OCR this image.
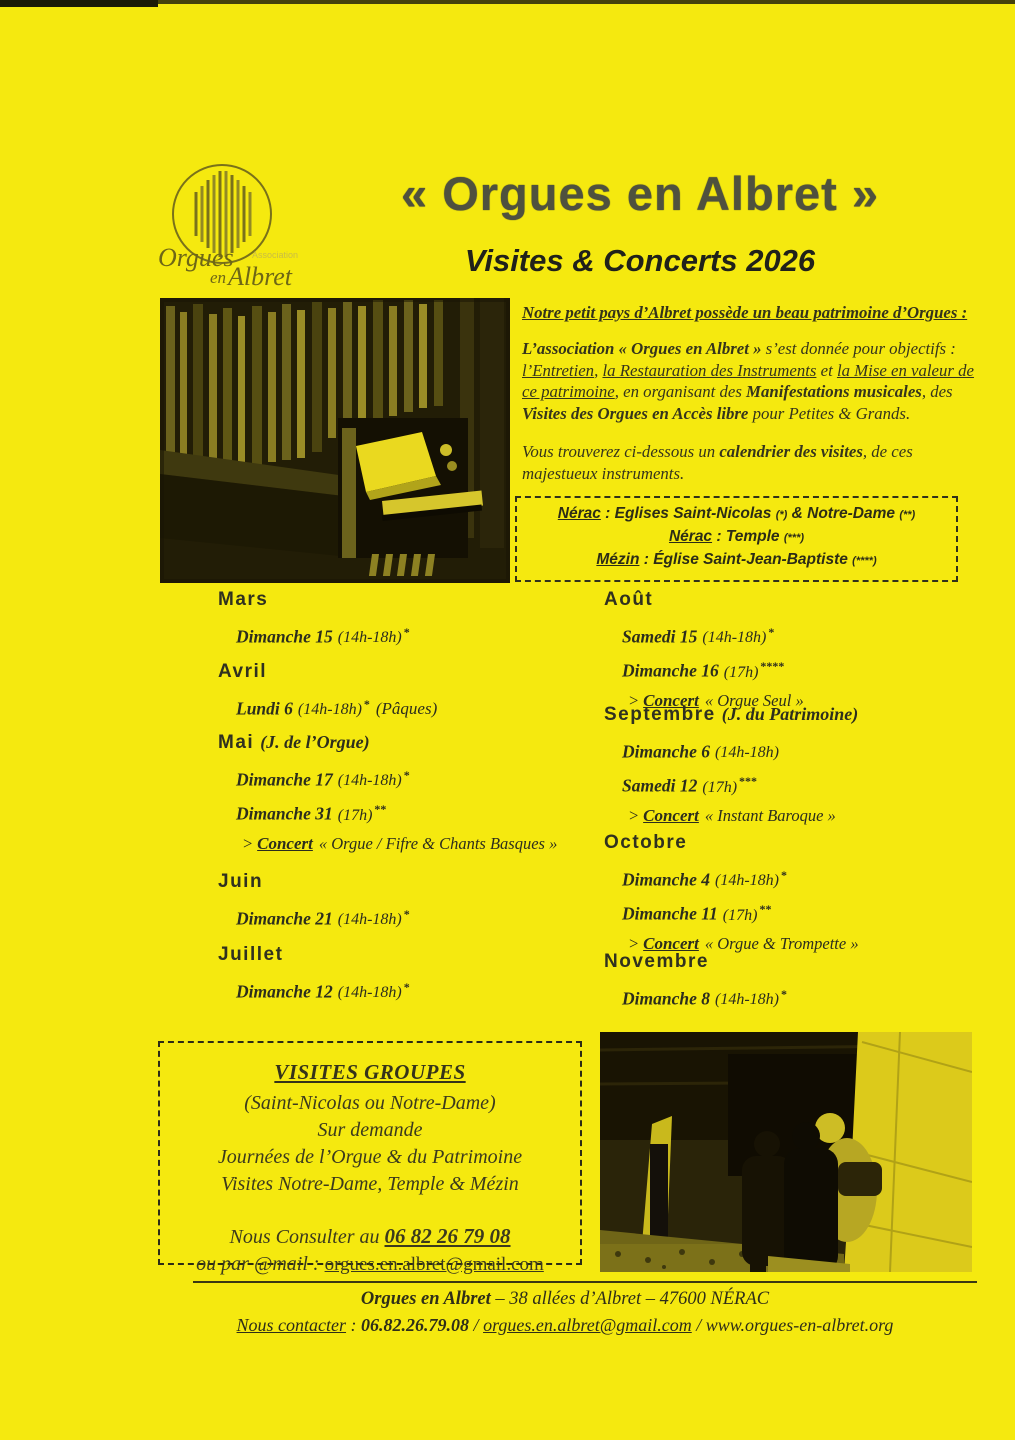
Association
Orgues
en Albret
« Orgues en Albret »
Visites & Concerts 2026
Notre petit pays d’Albret possède un beau patrimoine d’Orgues :
L’association « Orgues en Albret » s’est donnée pour objectifs : l’Entretien, la Restauration des Instruments et la Mise en valeur de ce patrimoine, en organisant des Manifestations musicales, des Visites des Orgues en Accès libre pour Petites & Grands.
Vous trouverez ci-dessous un calendrier des visites, de ces majestueux instruments.
Nérac : Eglises Saint-Nicolas (*) & Notre-Dame (**)
Nérac : Temple (***)
Mézin : Église Saint-Jean-Baptiste (****)
Mars
Dimanche 15 (14h-18h) *
Avril
Lundi 6 (14h-18h) * (Pâques)
Mai (J. de l’Orgue)
Dimanche 17 (14h-18h) *
Dimanche 31 (17h) **
> Concert « Orgue / Fifre & Chants Basques »
Juin
Dimanche 21 (14h-18h) *
Juillet
Dimanche 12 (14h-18h) *
Août
Samedi 15 (14h-18h) *
Dimanche 16 (17h) ****
> Concert « Orgue Seul »
Septembre (J. du Patrimoine)
Dimanche 6 (14h-18h)
Samedi 12 (17h) ***
> Concert « Instant Baroque »
Octobre
Dimanche 4 (14h-18h) *
Dimanche 11 (17h) **
> Concert « Orgue & Trompette »
Novembre
Dimanche 8 (14h-18h) *
VISITES GROUPES
(Saint-Nicolas ou Notre-Dame)
Sur demande
Journées de l’Orgue & du Patrimoine
Visites Notre-Dame, Temple & Mézin
Nous Consulter au 06 82 26 79 08
ou par @mail : orgues.en.albret@gmail.com
Orgues en Albret – 38 allées d’Albret – 47600 NÉRAC
Nous contacter : 06.82.26.79.08 / orgues.en.albret@gmail.com / www.orgues-en-albret.org
